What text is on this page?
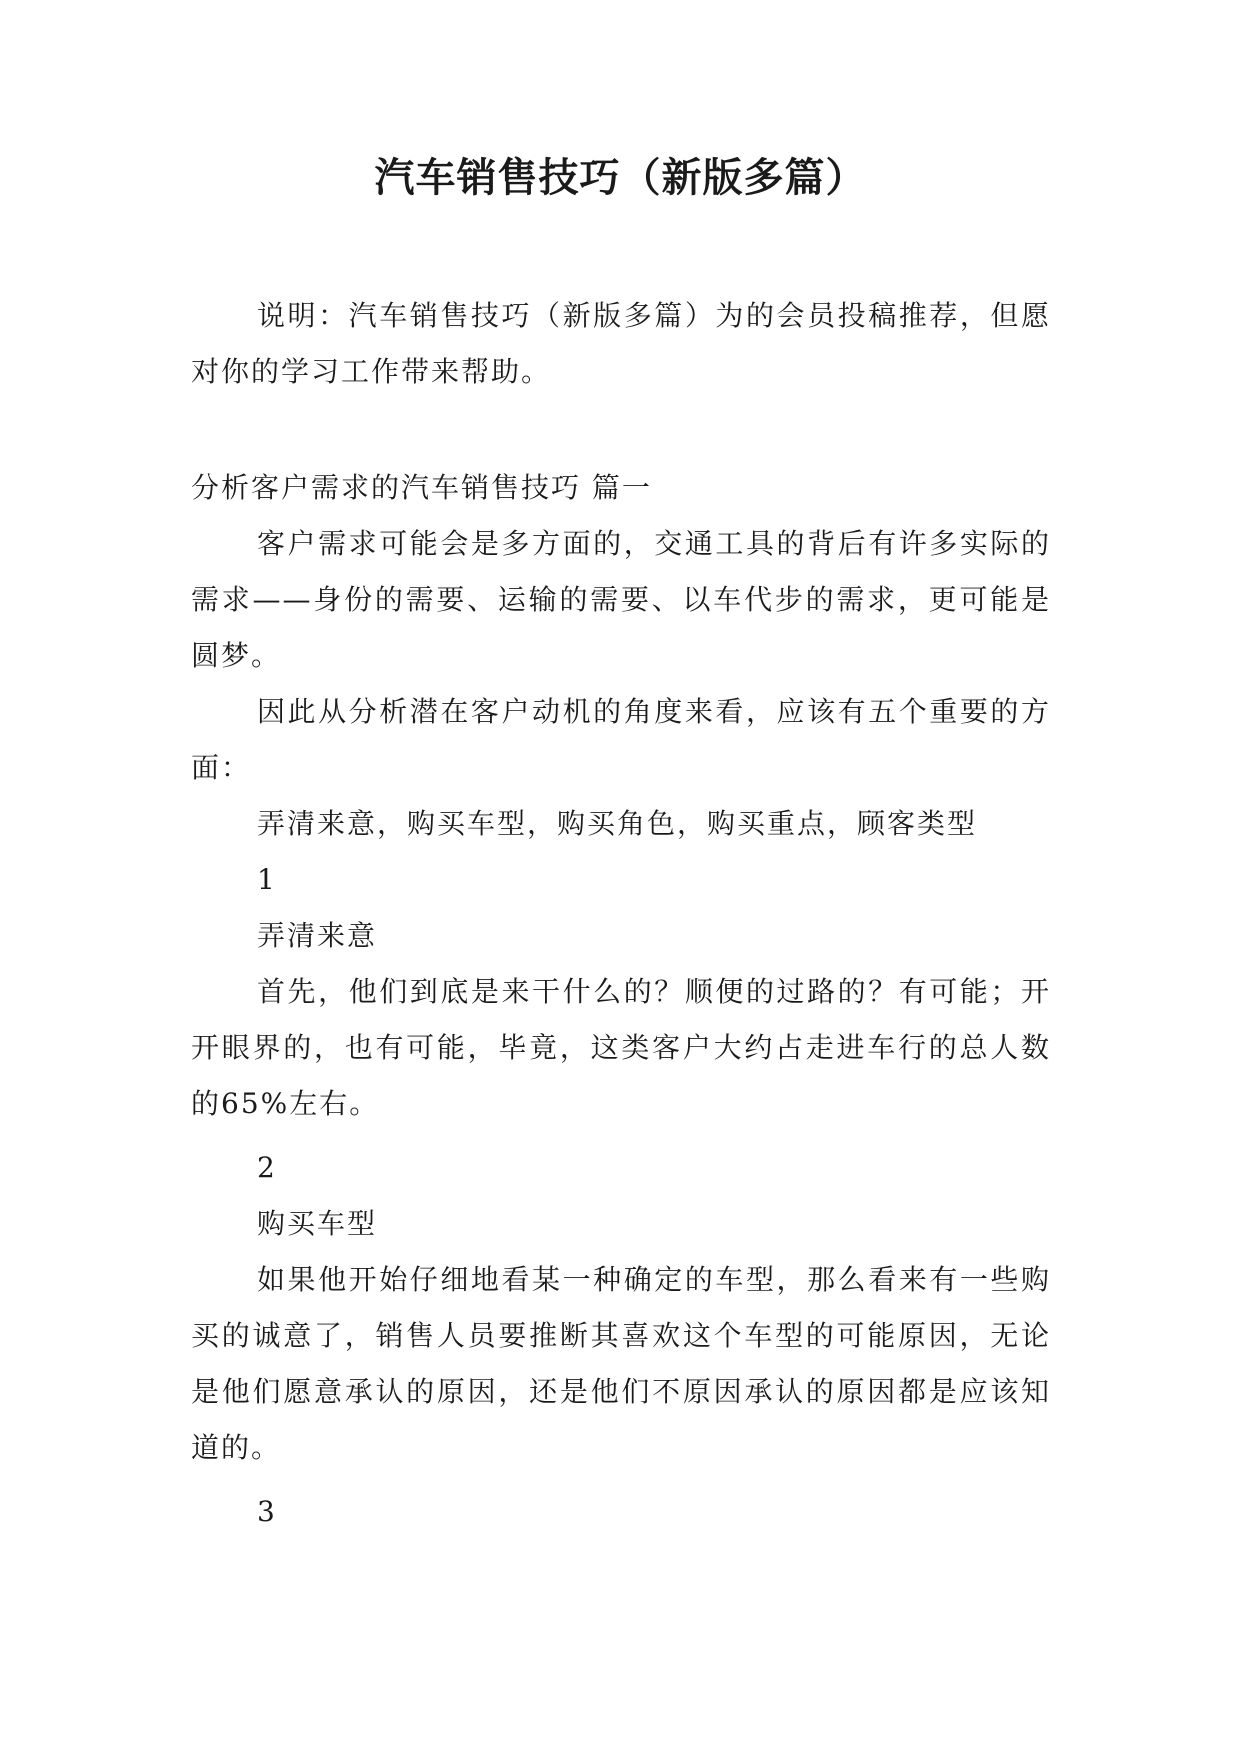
汽车销售技巧（新版多篇）

说明：汽车销售技巧（新版多篇）为的会员投稿推荐，但愿对你的学习工作带来帮助。

分析客户需求的汽车销售技巧 篇一

客户需求可能会是多方面的，交通工具的背后有许多实际的需求——身份的需要、运输的需要、以车代步的需求，更可能是圆梦。

因此从分析潜在客户动机的角度来看，应该有五个重要的方面：

弄清来意，购买车型，购买角色，购买重点，顾客类型

1

弄清来意

首先，他们到底是来干什么的？顺便的过路的？有可能；开开眼界的，也有可能，毕竟，这类客户大约占走进车行的总人数的65%左右。

2

购买车型

如果他开始仔细地看某一种确定的车型，那么看来有一些购买的诚意了，销售人员要推断其喜欢这个车型的可能原因，无论是他们愿意承认的原因，还是他们不原因承认的原因都是应该知道的。

3
